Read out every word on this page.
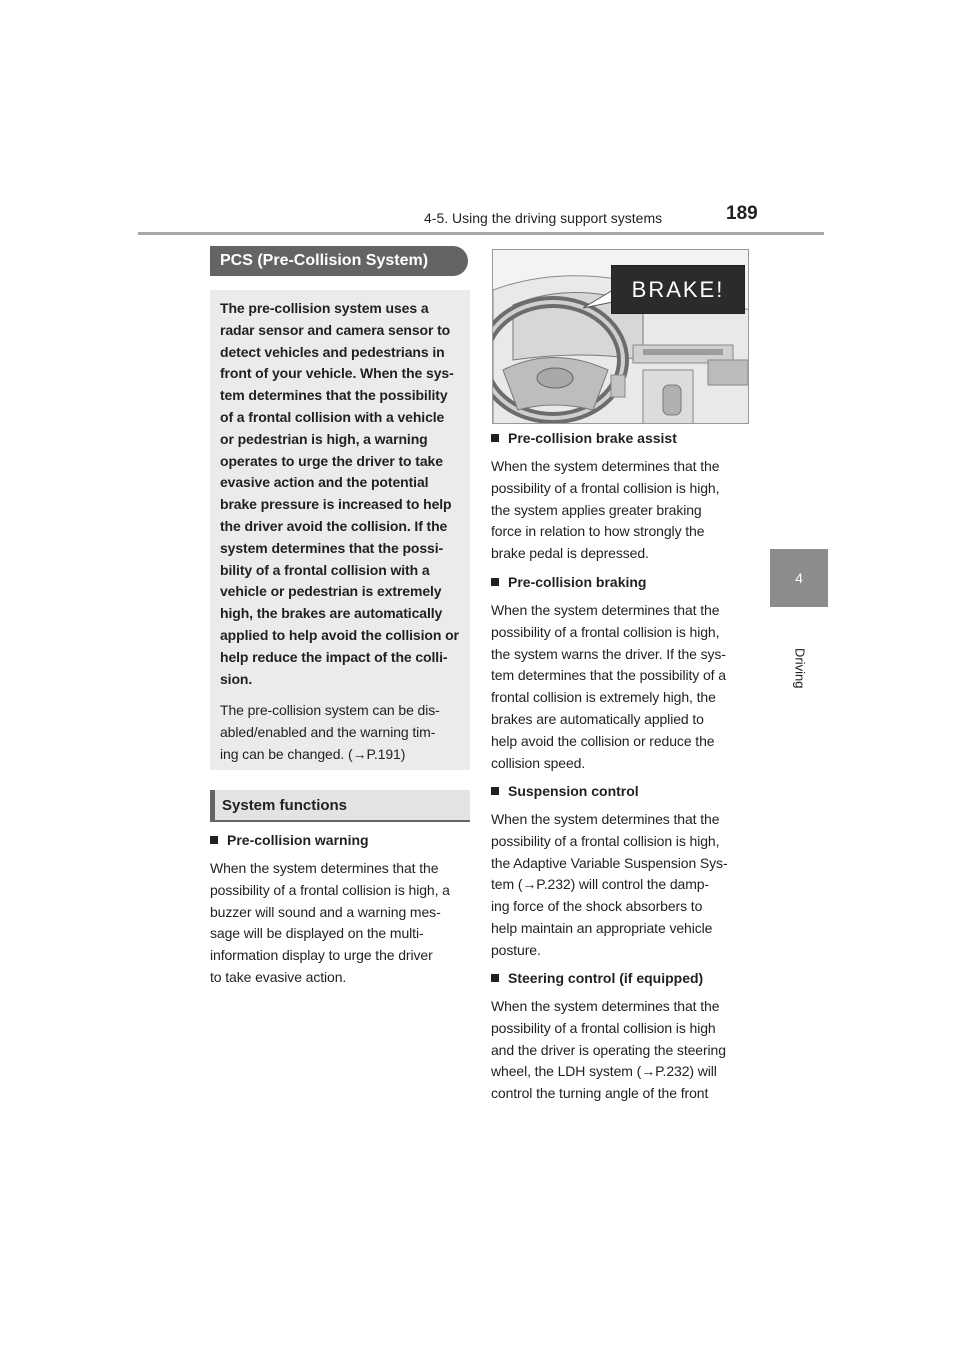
4-5. Using the driving support systems	189
4
Driving
PCS (Pre-Collision System)
The pre-collision system uses a
radar sensor and camera sensor to
detect vehicles and pedestrians in
front of your vehicle. When the sys-
tem determines that the possibility
of a frontal collision with a vehicle
or pedestrian is high, a warning
operates to urge the driver to take
evasive action and the potential
brake pressure is increased to help
the driver avoid the collision. If the
system determines that the possi-
bility of a frontal collision with a
vehicle or pedestrian is extremely
high, the brakes are automatically
applied to help avoid the collision or
help reduce the impact of the colli-
sion.
The pre-collision system can be dis-
abled/enabled and the warning tim-
ing can be changed. (→P.191)
System functions
Pre-collision warning
When the system determines that the
possibility of a frontal collision is high, a
buzzer will sound and a warning mes-
sage will be displayed on the multi-
information display to urge the driver
to take evasive action.
BRAKE!
Pre-collision brake assist
When the system determines that the
possibility of a frontal collision is high,
the system applies greater braking
force in relation to how strongly the
brake pedal is depressed.
Pre-collision braking
When the system determines that the
possibility of a frontal collision is high,
the system warns the driver. If the sys-
tem determines that the possibility of a
frontal collision is extremely high, the
brakes are automatically applied to
help avoid the collision or reduce the
collision speed.
Suspension control
When the system determines that the
possibility of a frontal collision is high,
the Adaptive Variable Suspension Sys-
tem (→P.232) will control the damp-
ing force of the shock absorbers to
help maintain an appropriate vehicle
posture.
Steering control (if equipped)
When the system determines that the
possibility of a frontal collision is high
and the driver is operating the steering
wheel, the LDH system (→P.232) will
control the turning angle of the front
